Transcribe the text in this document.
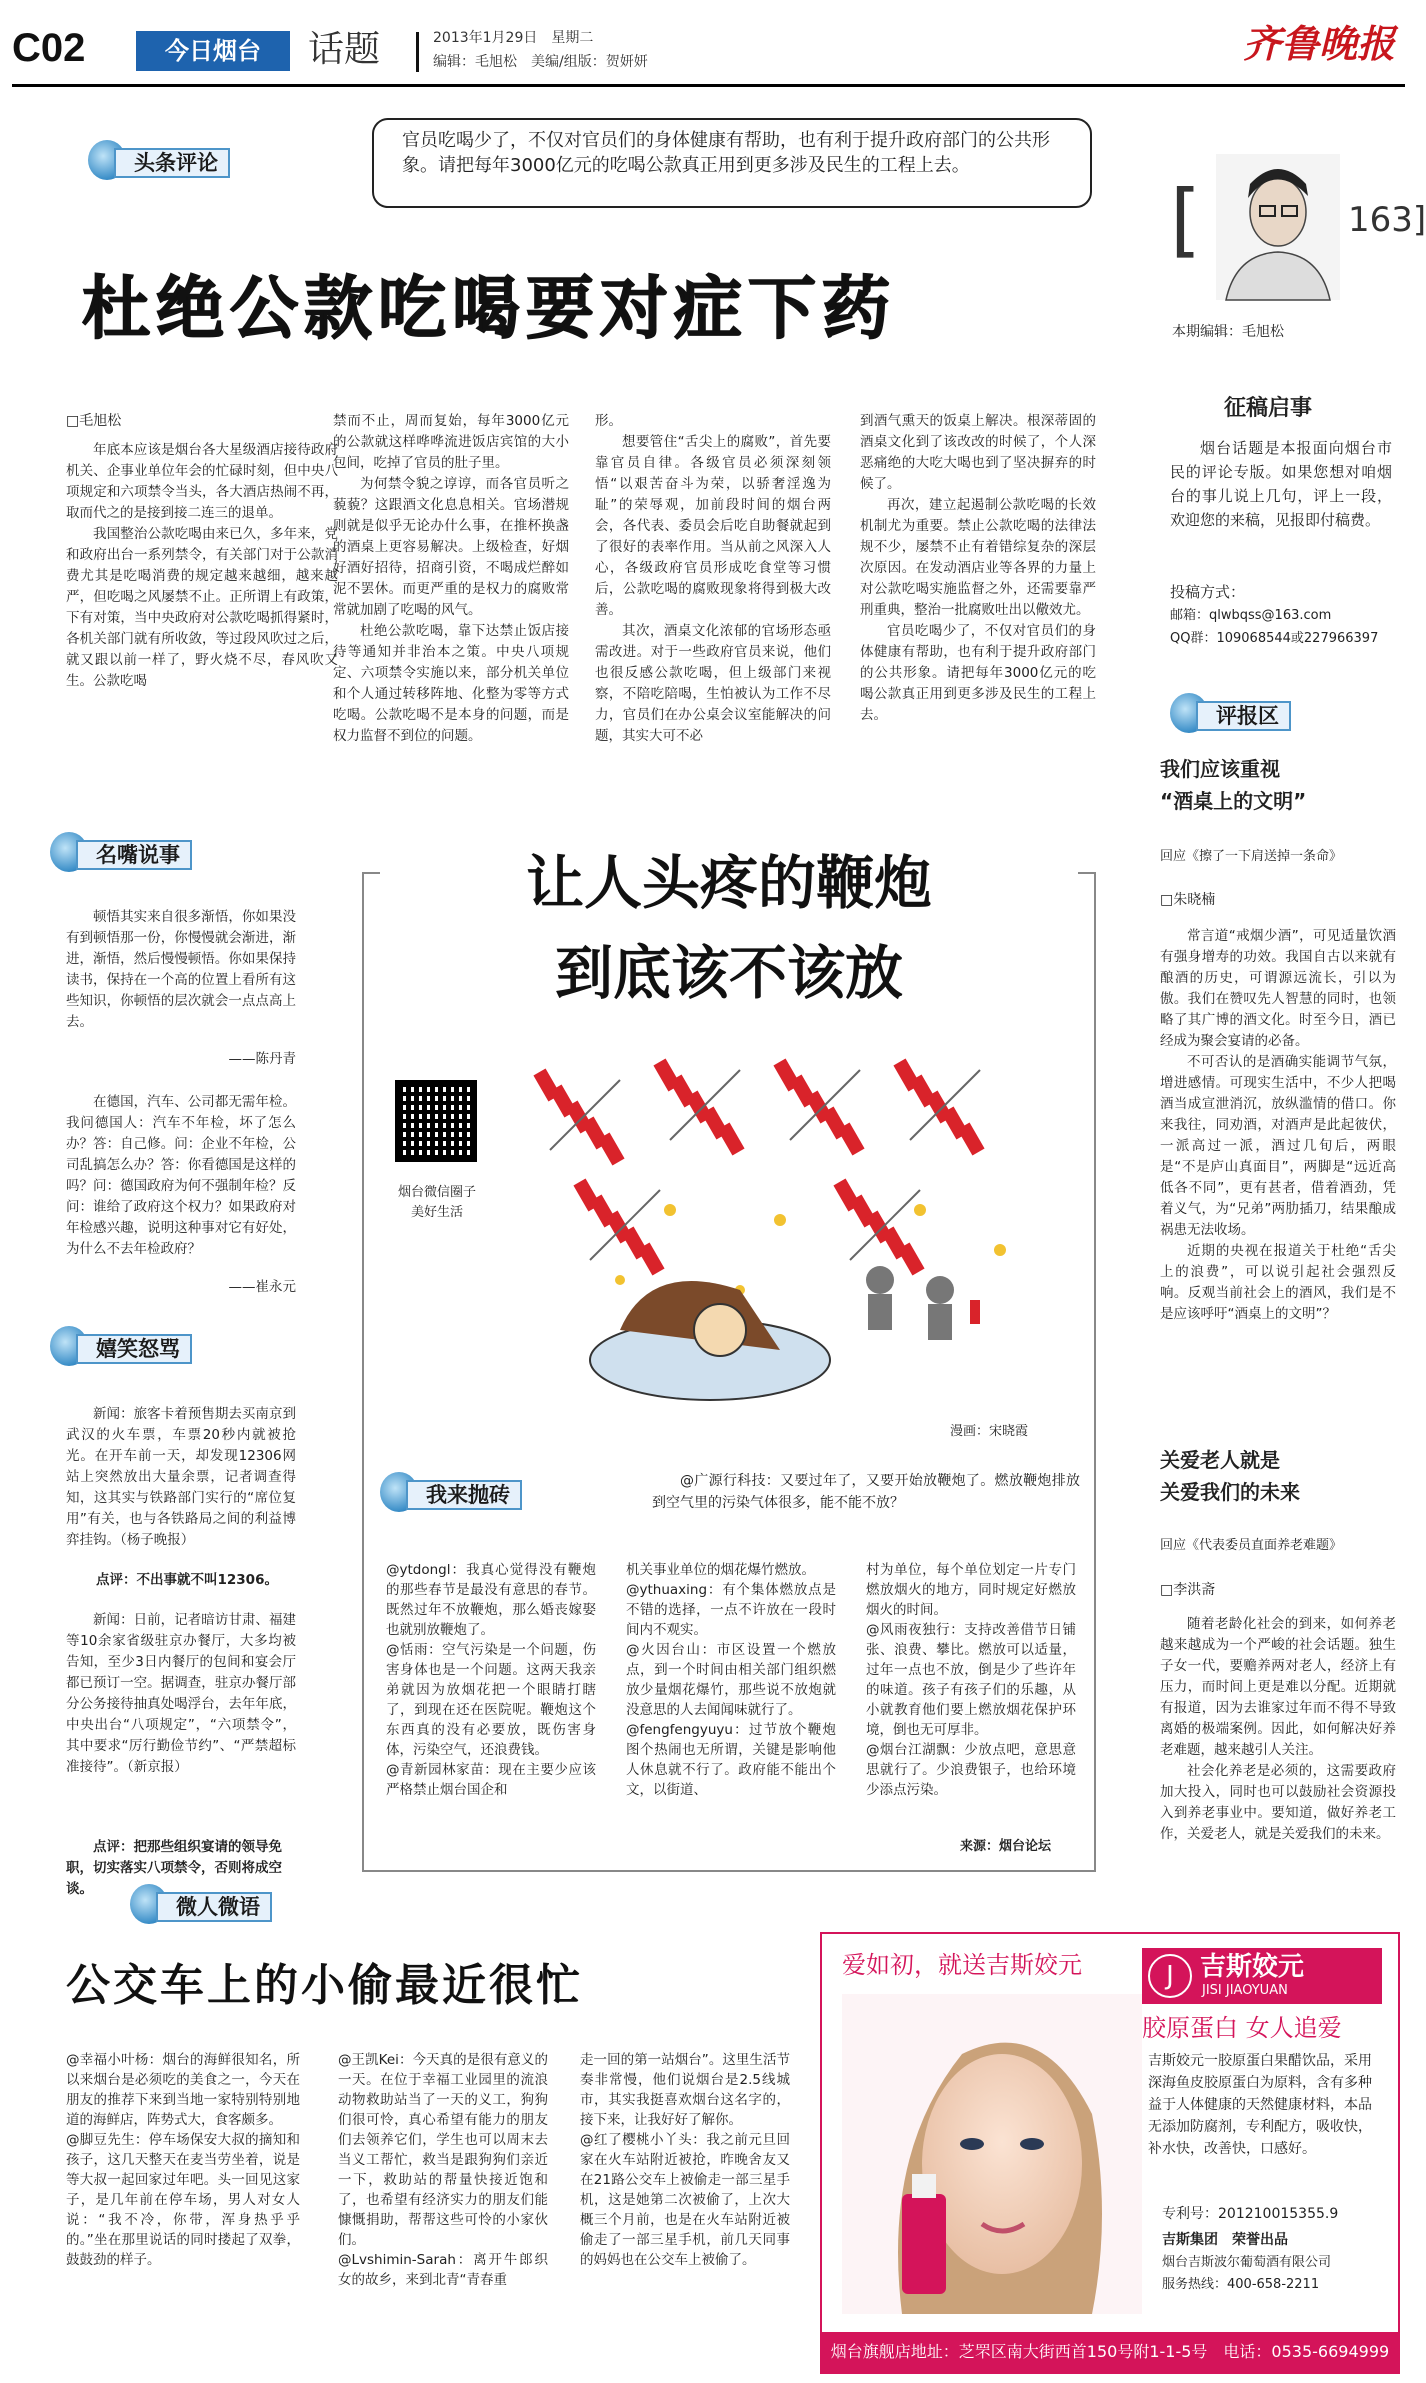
C02	今日烟台	话题	2013年1月29日　星期二
编辑：毛旭松　美编/组版：贺妍妍	齐鲁晚报
头条评论
官员吃喝少了，不仅对官员们的身体健康有帮助，也有利于提升政府部门的公共形象。请把每年3000亿元的吃喝公款真正用到更多涉及民生的工程上去。
杜绝公款吃喝要对症下药
□毛旭松

年底本应该是烟台各大星级酒店接待政府机关、企事业单位年会的忙碌时刻，但中央八项规定和六项禁令当头，各大酒店热闹不再，取而代之的是接到接二连三的退单。

我国整治公款吃喝由来已久，多年来，党和政府出台一系列禁令，有关部门对于公款消费尤其是吃喝消费的规定越来越细，越来越严，但吃喝之风屡禁不止。正所谓上有政策，下有对策，当中央政府对公款吃喝抓得紧时，各机关部门就有所收敛，等过段风吹过之后，就又跟以前一样了，野火烧不尽，春风吹又生。公款吃喝

禁而不止，周而复始，每年3000亿元的公款就这样哗哗流进饭店宾馆的大小包间，吃掉了官员的肚子里。

为何禁令貌之谆谆，而各官员听之藐藐？这跟酒文化息息相关。官场潜规则就是似乎无论办什么事，在推杯换盏的酒桌上更容易解决。上级检查，好烟好酒好招待，招商引资，不喝成烂醉如泥不罢休。而更严重的是权力的腐败常常就加剧了吃喝的风气。

杜绝公款吃喝，靠下达禁止饭店接待等通知并非治本之策。中央八项规定、六项禁令实施以来，部分机关单位和个人通过转移阵地、化整为零等方式吃喝。公款吃喝不是本身的问题，而是权力监督不到位的问题。

形。

想要管住“舌尖上的腐败”，首先要靠官员自律。各级官员必须深刻领悟“以艰苦奋斗为荣，以骄奢淫逸为耻”的荣辱观，加前段时间的烟台两会，各代表、委员会后吃自助餐就起到了很好的表率作用。当从前之风深入人心，各级政府官员形成吃食堂等习惯后，公款吃喝的腐败现象将得到极大改善。

其次，酒桌文化浓郁的官场形态亟需改进。对于一些政府官员来说，他们也很反感公款吃喝，但上级部门来视察，不陪吃陪喝，生怕被认为工作不尽力，官员们在办公桌会议室能解决的问题，其实大可不必

到酒气熏天的饭桌上解决。根深蒂固的酒桌文化到了该改改的时候了，个人深恶痛绝的大吃大喝也到了坚决摒弃的时候了。

再次，建立起遏制公款吃喝的长效机制尤为重要。禁止公款吃喝的法律法规不少，屡禁不止有着错综复杂的深层次原因。在发动酒店业等各界的力量上对公款吃喝实施监督之外，还需要靠严刑重典，整治一批腐败吐出以儆效尤。

官员吃喝少了，不仅对官员们的身体健康有帮助，也有利于提升政府部门的公共形象。请把每年3000亿元的吃喝公款真正用到更多涉及民生的工程上去。

[	163]
本期编辑：毛旭松
征稿启事
烟台话题是本报面向烟台市民的评论专版。如果您想对咱烟台的事儿说上几句，评上一段，欢迎您的来稿，见报即付稿费。
投稿方式：
邮箱：qlwbqss@163.com
QQ群：109068544或227966397
评报区
我们应该重视
“酒桌上的文明”
回应《擦了一下肩送掉一条命》
□朱晓楠

常言道“戒烟少酒”，可见适量饮酒有强身增寿的功效。我国自古以来就有酿酒的历史，可谓源远流长，引以为傲。我们在赞叹先人智慧的同时，也领略了其广博的酒文化。时至今日，酒已经成为聚会宴请的必备。

不可否认的是酒确实能调节气氛，增进感情。可现实生活中，不少人把喝酒当成宣泄消沉，放纵滥情的借口。你来我往，同劝酒，对酒声是此起彼伏，一派高过一派，酒过几旬后，两眼是“不是庐山真面目”，两脚是“远近高低各不同”，更有甚者，借着酒劲，凭着义气，为“兄弟”两肋插刀，结果酿成祸患无法收场。

近期的央视在报道关于杜绝“舌尖上的浪费”，可以说引起社会强烈反响。反观当前社会上的酒风，我们是不是应该呼吁“酒桌上的文明”？

关爱老人就是
关爱我们的未来
回应《代表委员直面养老难题》
□李洪斋

随着老龄化社会的到来，如何养老越来越成为一个严峻的社会话题。独生子女一代，要赡养两对老人，经济上有压力，而时间上更是难以分配。近期就有报道，因为去谁家过年而不得不导致离婚的极端案例。因此，如何解决好养老难题，越来越引人关注。

社会化养老是必须的，这需要政府加大投入，同时也可以鼓励社会资源投入到养老事业中。要知道，做好养老工作，关爱老人，就是关爱我们的未来。

名嘴说事

顿悟其实来自很多渐悟，你如果没有到顿悟那一份，你慢慢就会渐进，渐进，渐悟，然后慢慢顿悟。你如果保持读书，保持在一个高的位置上看所有这些知识，你顿悟的层次就会一点点高上去。

——陈丹青

在德国，汽车、公司都无需年检。我问德国人：汽车不年检，坏了怎么办？答：自己修。问：企业不年检，公司乱搞怎么办？答：你看德国是这样的吗？问：德国政府为何不强制年检？反问：谁给了政府这个权力？如果政府对年检感兴趣，说明这种事对它有好处，为什么不去年检政府？

——崔永元
嬉笑怒骂

新闻：旅客卡着预售期去买南京到武汉的火车票，车票20秒内就被抢光。在开车前一天，却发现12306网站上突然放出大量余票，记者调查得知，这其实与铁路部门实行的“席位复用”有关，也与各铁路局之间的利益博弈挂钩。（杨子晚报）

点评：不出事就不叫12306。

新闻：日前，记者暗访甘肃、福建等10余家省级驻京办餐厅，大多均被告知，至少3日内餐厅的包间和宴会厅都已预订一空。据调查，驻京办餐厅部分公务接待抽真处喝浮台，去年年底，中央出台“八项规定”，“六项禁令”，其中要求“厉行勤俭节约”、“严禁超标准接待”。（新京报）

点评：把那些组织宴请的领导免职，切实落实八项禁令，否则将成空谈。
让人头疼的鞭炮
到底该不该放
烟台微信圈子美好生活
漫画：宋晓霞
我来抛砖

@广源行科技：又要过年了，又要开始放鞭炮了。燃放鞭炮排放到空气里的污染气体很多，能不能不放？

@ytdongl：我真心觉得没有鞭炮的那些春节是最没有意思的春节。既然过年不放鞭炮，那么婚丧嫁娶也就别放鞭炮了。
@恬雨：空气污染是一个问题，伤害身体也是一个问题。这两天我亲弟就因为放烟花把一个眼睛打瞎了，到现在还在医院呢。鞭炮这个东西真的没有必要放，既伤害身体，污染空气，还浪费钱。
@青新园林家苗：现在主要少应该严格禁止烟台国企和
机关事业单位的烟花爆竹燃放。
@ythuaxing：有个集体燃放点是不错的选择，一点不许放在一段时间内不观实。
@火因台山：市区设置一个燃放点，到一个时间由相关部门组织燃放少量烟花爆竹，那些说不放炮就没意思的人去闻闻味就行了。
@fengfengyuyu：过节放个鞭炮图个热闹也无所谓，关键是影响他人休息就不行了。政府能不能出个文，以街道、
村为单位，每个单位划定一片专门燃放烟火的地方，同时规定好燃放烟火的时间。
@风雨夜独行：支持改善借节日铺张、浪费、攀比。燃放可以适量，过年一点也不放，倒是少了些许年的味道。孩子有孩子们的乐趣，从小就教育他们要上燃放烟花保护环境，倒也无可厚非。
@烟台江湖飘：少放点吧，意思意思就行了。少浪费银子，也给环境少添点污染。
来源：烟台论坛
微人微语
公交车上的小偷最近很忙
@幸福小叶杨：烟台的海鲜很知名，所以来烟台是必须吃的美食之一，今天在朋友的推荐下来到当地一家特别特别地道的海鲜店，阵势式大，食客颇多。
@脚豆先生：停车场保安大叔的摘知和孩子，这几天整天在麦当劳坐着，说是等大叔一起回家过年吧。头一回见这家子，是几年前在停车场，男人对女人说：“我不冷，你带，浑身热乎乎的。”坐在那里说话的同时搂起了双拳，鼓鼓劲的样子。
@王凯Kei：今天真的是很有意义的一天。在位于幸福工业园里的流浪动物救助站当了一天的义工，狗狗们很可怜，真心希望有能力的朋友们去领养它们，学生也可以周末去当义工帮忙，救当是跟狗狗们亲近一下，救助站的帮量快接近饱和了，也希望有经济实力的朋友们能慷慨捐助，帮帮这些可怜的小家伙们。
@Lvshimin-Sarah：离开牛郎织女的故乡，来到北青“青春重
走一回的第一站烟台”。这里生活节奏非常慢，他们说烟台是2.5线城市，其实我挺喜欢烟台这名字的，接下来，让我好好了解你。
@红了樱桃小丫头：我之前元旦回家在火车站附近被抢，昨晚舍友又在21路公交车上被偷走一部三星手机，这是她第二次被偷了，上次大概三个月前，也是在火车站附近被偷走了一部三星手机，前几天同事的妈妈也在公交车上被偷了。
爱如初，就送吉斯姣元	J	吉斯姣元
JISI JIAOYUAN
胶原蛋白 女人追爱
吉斯姣元一胶原蛋白果醋饮品，采用深海鱼皮胶原蛋白为原料，含有多种益于人体健康的天然健康材料，本品无添加防腐剂，专利配方，吸收快，补水快，改善快，口感好。
专利号：201210015355.9
吉斯集团　荣誉出品
烟台吉斯波尔葡萄酒有限公司
服务热线：400-658-2211
烟台旗舰店地址：芝罘区南大街西首150号附1-1-5号　电话：0535-6694999
